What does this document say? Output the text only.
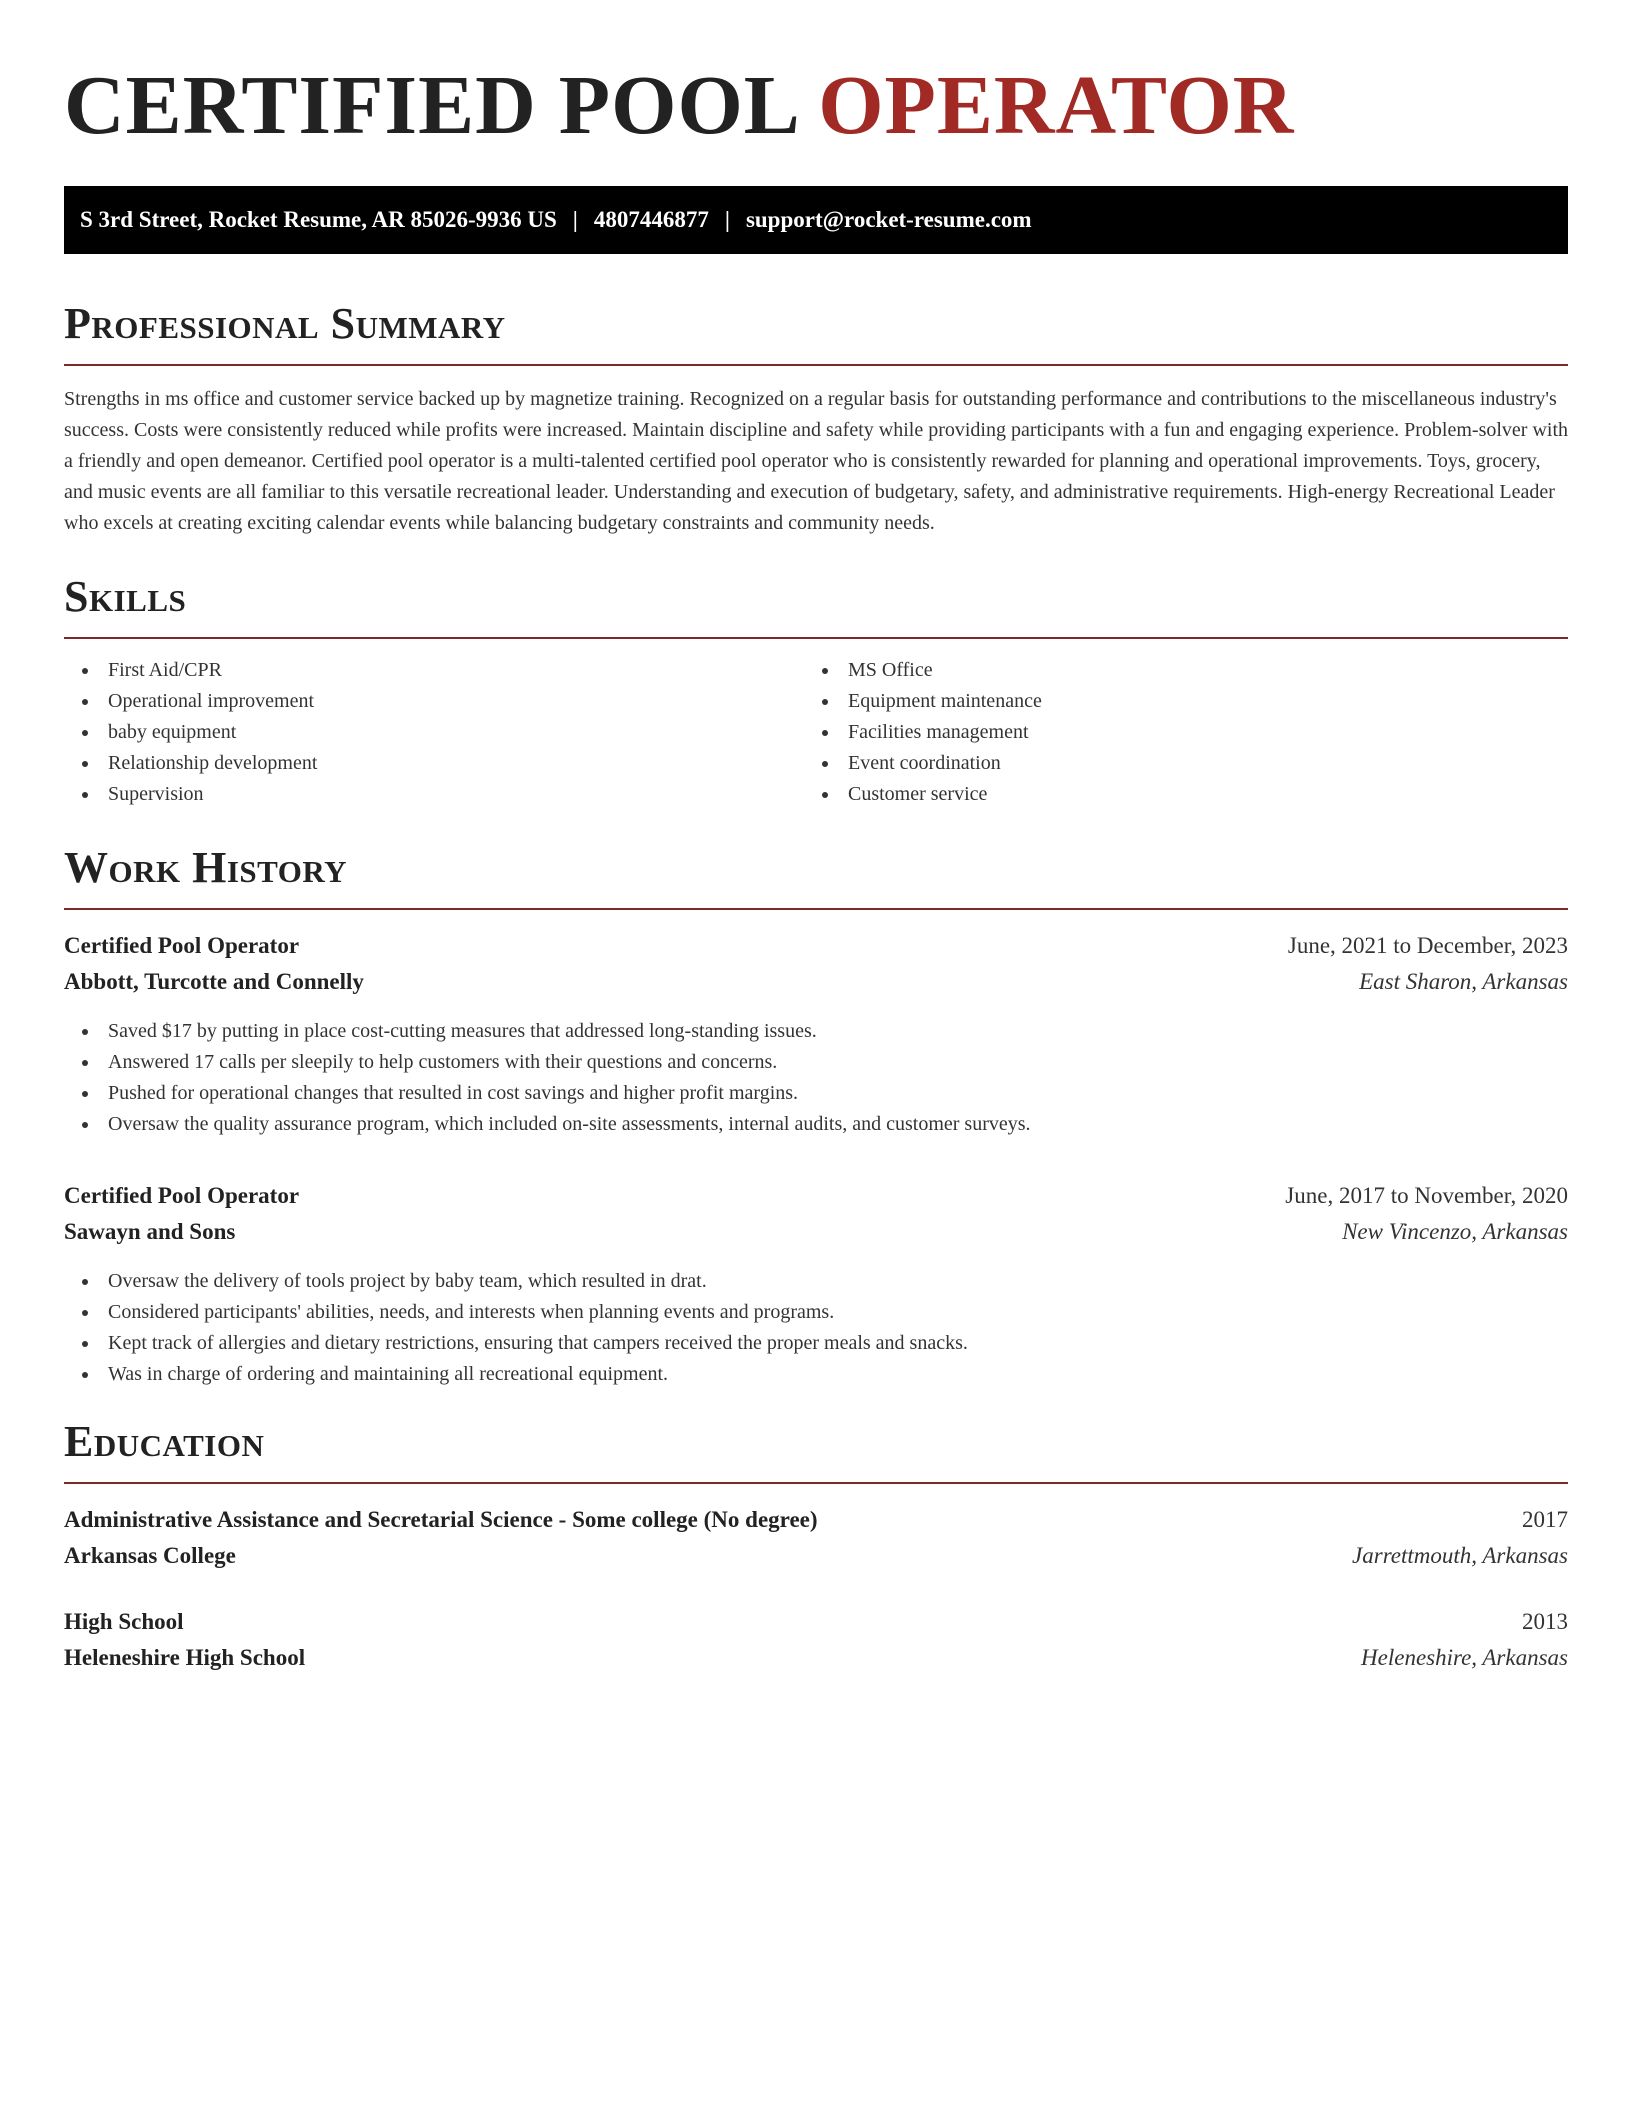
CERTIFIED POOL OPERATOR
S 3rd Street, Rocket Resume, AR 85026-9936 US | 4807446877 | support@rocket-resume.com
Professional Summary

Strengths in ms office and customer service backed up by magnetize training. Recognized on a regular basis for outstanding performance and contributions to the miscellaneous industry's success. Costs were consistently reduced while profits were increased. Maintain discipline and safety while providing participants with a fun and engaging experience. Problem-solver with a friendly and open demeanor. Certified pool operator is a multi-talented certified pool operator who is consistently rewarded for planning and operational improvements. Toys, grocery, and music events are all familiar to this versatile recreational leader. Understanding and execution of budgetary, safety, and administrative requirements. High-energy Recreational Leader who excels at creating exciting calendar events while balancing budgetary constraints and community needs.

Skills
First Aid/CPR
Operational improvement
baby equipment
Relationship development
Supervision
MS Office
Equipment maintenance
Facilities management
Event coordination
Customer service
Work History
Certified Pool Operator	June, 2021 to December, 2023
Abbott, Turcotte and Connelly	East Sharon, Arkansas
Saved $17 by putting in place cost-cutting measures that addressed long-standing issues.
Answered 17 calls per sleepily to help customers with their questions and concerns.
Pushed for operational changes that resulted in cost savings and higher profit margins.
Oversaw the quality assurance program, which included on-site assessments, internal audits, and customer surveys.
Certified Pool Operator	June, 2017 to November, 2020
Sawayn and Sons	New Vincenzo, Arkansas
Oversaw the delivery of tools project by baby team, which resulted in drat.
Considered participants' abilities, needs, and interests when planning events and programs.
Kept track of allergies and dietary restrictions, ensuring that campers received the proper meals and snacks.
Was in charge of ordering and maintaining all recreational equipment.
Education
Administrative Assistance and Secretarial Science - Some college (No degree)	2017
Arkansas College	Jarrettmouth, Arkansas
High School	2013
Heleneshire High School	Heleneshire, Arkansas
